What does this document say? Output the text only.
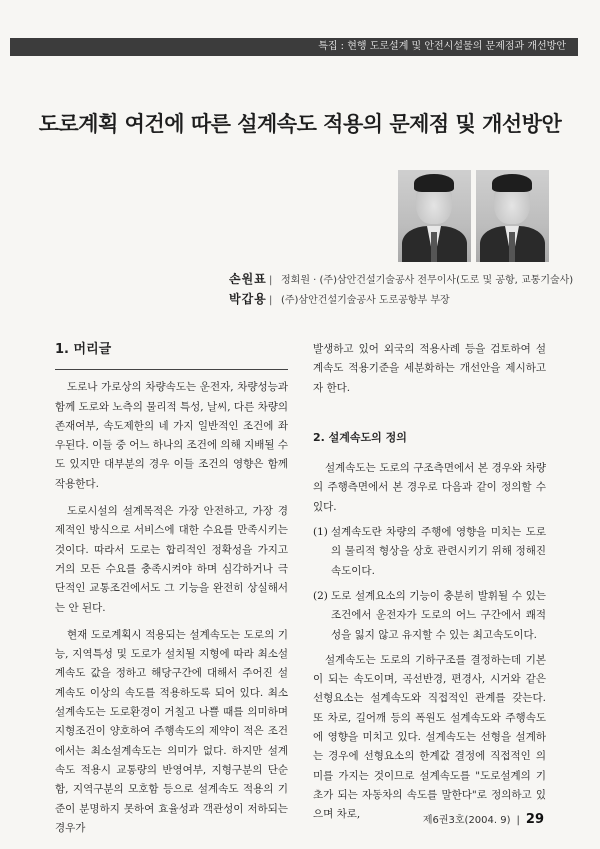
특집 : 현행 도로설계 및 안전시설물의 문제점과 개선방안
도로계획 여건에 따른 설계속도 적용의 문제점 및 개선방안
손원표 | 정회원 · (주)삼안건설기술공사 전무이사(도로 및 공항, 교통기술사)
박갑용 | (주)삼안건설기술공사 도로공항부 부장
1. 머리글

도로나 가로상의 차량속도는 운전자, 차량성능과 함께 도로와 노측의 물리적 특성, 날씨, 다른 차량의 존재여부, 속도제한의 네 가지 일반적인 조건에 좌우된다. 이들 중 어느 하나의 조건에 의해 지배될 수도 있지만 대부분의 경우 이들 조건의 영향은 함께 작용한다.

도로시설의 설계목적은 가장 안전하고, 가장 경제적인 방식으로 서비스에 대한 수요를 만족시키는 것이다. 따라서 도로는 합리적인 정확성을 가지고 거의 모든 수요를 충족시켜야 하며 심각하거나 극단적인 교통조건에서도 그 기능을 완전히 상실해서는 안 된다.

현재 도로계획시 적용되는 설계속도는 도로의 기능, 지역특성 및 도로가 설치될 지형에 따라 최소설계속도 값을 정하고 해당구간에 대해서 주어진 설계속도 이상의 속도를 적용하도록 되어 있다. 최소 설계속도는 도로환경이 거칠고 나쁠 때를 의미하며 지형조건이 양호하여 주행속도의 제약이 적은 조건에서는 최소설계속도는 의미가 없다. 하지만 설계속도 적용시 교통량의 반영여부, 지형구분의 단순함, 지역구분의 모호함 등으로 설계속도 적용의 기준이 분명하지 못하여 효율성과 객관성이 저하되는 경우가

발생하고 있어 외국의 적용사례 등을 검토하여 설계속도 적용기준을 세분화하는 개선안을 제시하고자 한다.

2. 설계속도의 정의

설계속도는 도로의 구조측면에서 본 경우와 차량의 주행측면에서 본 경우로 다음과 같이 정의할 수 있다.

(1) 설계속도란 차량의 주행에 영향을 미치는 도로의 물리적 형상을 상호 관련시키기 위해 정해진 속도이다.
(2) 도로 설계요소의 기능이 충분히 발휘될 수 있는 조건에서 운전자가 도로의 어느 구간에서 쾌적성을 잃지 않고 유지할 수 있는 최고속도이다.

설계속도는 도로의 기하구조를 결정하는데 기본이 되는 속도이며, 곡선반경, 편경사, 시거와 같은 선형요소는 설계속도와 직접적인 관계를 갖는다. 또 차로, 길어깨 등의 폭원도 설계속도와 주행속도에 영향을 미치고 있다. 설계속도는 선형을 설계하는 경우에 선형요소의 한계값 결정에 직접적인 의미를 가지는 것이므로 설계속도를 "도로설계의 기초가 되는 자동차의 속도를 말한다"로 정의하고 있으며 차로,

제6권3호(2004. 9) | 29
